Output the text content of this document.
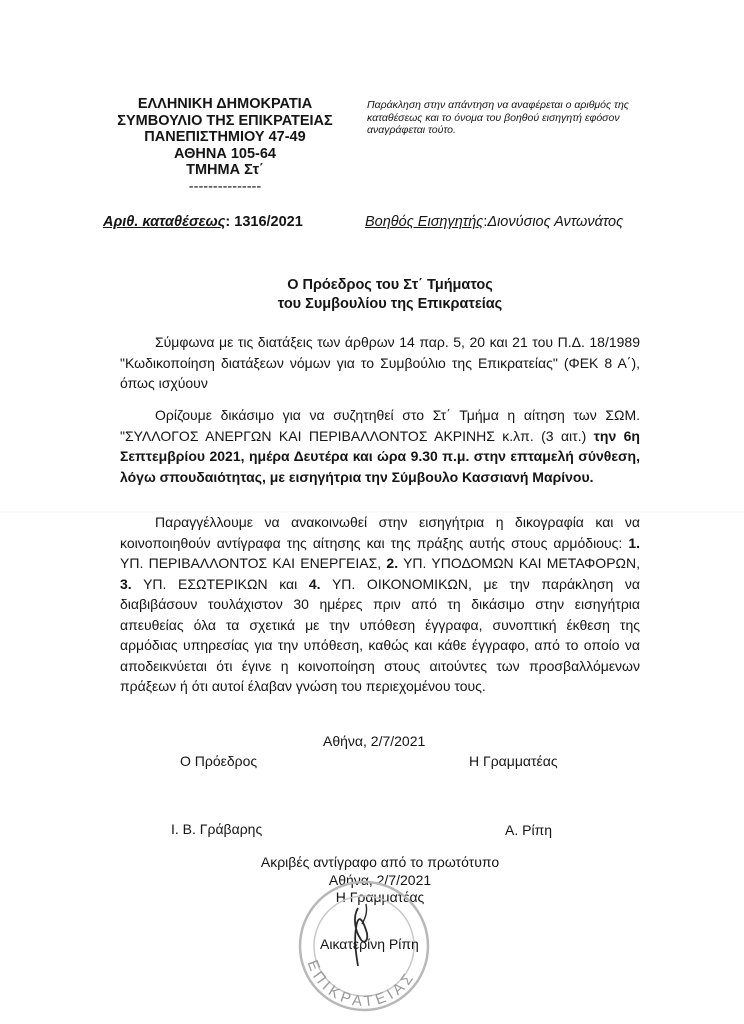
ΕΛΛΗΝΙΚΗ ΔΗΜΟΚΡΑΤΙΑ
ΣΥΜΒΟΥΛΙΟ ΤΗΣ ΕΠΙΚΡΑΤΕΙΑΣ
ΠΑΝΕΠΙΣΤΗΜΙΟΥ 47-49
ΑΘΗΝΑ 105-64
ΤΜΗΜΑ Στ΄
---------------
Παράκληση στην απάντηση να αναφέρεται ο αριθμός της καταθέσεως και το όνομα του βοηθού εισηγητή εφόσον αναγράφεται τούτο.
Αριθ. καταθέσεως: 1316/2021	Βοηθός Εισηγητής:Διονύσιος Αντωνάτος
Ο Πρόεδρος του Στ΄ Τμήματος
του Συμβουλίου της Επικρατείας

Σύμφωνα με τις διατάξεις των άρθρων 14 παρ. 5, 20 και 21 του Π.Δ. 18/1989 "Κωδικοποίηση διατάξεων νόμων για το Συμβούλιο της Επικρατείας" (ΦΕΚ 8 Α΄), όπως ισχύουν

Ορίζουμε δικάσιμο για να συζητηθεί στο Στ΄ Τμήμα η αίτηση των ΣΩΜ. "ΣΥΛΛΟΓΟΣ ΑΝΕΡΓΩΝ ΚΑΙ ΠΕΡΙΒΑΛΛΟΝΤΟΣ ΑΚΡΙΝΗΣ κ.λπ. (3 αιτ.) την 6η Σεπτεμβρίου 2021, ημέρα Δευτέρα και ώρα 9.30 π.μ. στην επταμελή σύνθεση, λόγω σπουδαιότητας, με εισηγήτρια την Σύμβουλο Κασσιανή Μαρίνου.

Παραγγέλλουμε να ανακοινωθεί στην εισηγήτρια η δικογραφία και να κοινοποιηθούν αντίγραφα της αίτησης και της πράξης αυτής στους αρμόδιους: 1. ΥΠ. ΠΕΡΙΒΑΛΛΟΝΤΟΣ ΚΑΙ ΕΝΕΡΓΕΙΑΣ, 2. ΥΠ. ΥΠΟΔΟΜΩΝ ΚΑΙ ΜΕΤΑΦΟΡΩΝ, 3. ΥΠ. ΕΣΩΤΕΡΙΚΩΝ και 4. ΥΠ. ΟΙΚΟΝΟΜΙΚΩΝ, με την παράκληση να διαβιβάσουν τουλάχιστον 30 ημέρες πριν από τη δικάσιμο στην εισηγήτρια απευθείας όλα τα σχετικά με την υπόθεση έγγραφα, συνοπτική έκθεση της αρμόδιας υπηρεσίας για την υπόθεση, καθώς και κάθε έγγραφο, από το οποίο να αποδεικνύεται ότι έγινε η κοινοποίηση στους αιτούντες των προσβαλλόμενων πράξεων ή ότι αυτοί έλαβαν γνώση του περιεχομένου τους.

Αθήνα, 2/7/2021
Ο Πρόεδρος	Η Γραμματέας
Ι. Β. Γράβαρης	Α. Ρίπη
Ακριβές αντίγραφο από το πρωτότυπο
Αθήνα, 2/7/2021
Η Γραμματέας
ΕΠΙΚΡΑΤΕΙΑΣ
Αικατερίνη Ρίπη
